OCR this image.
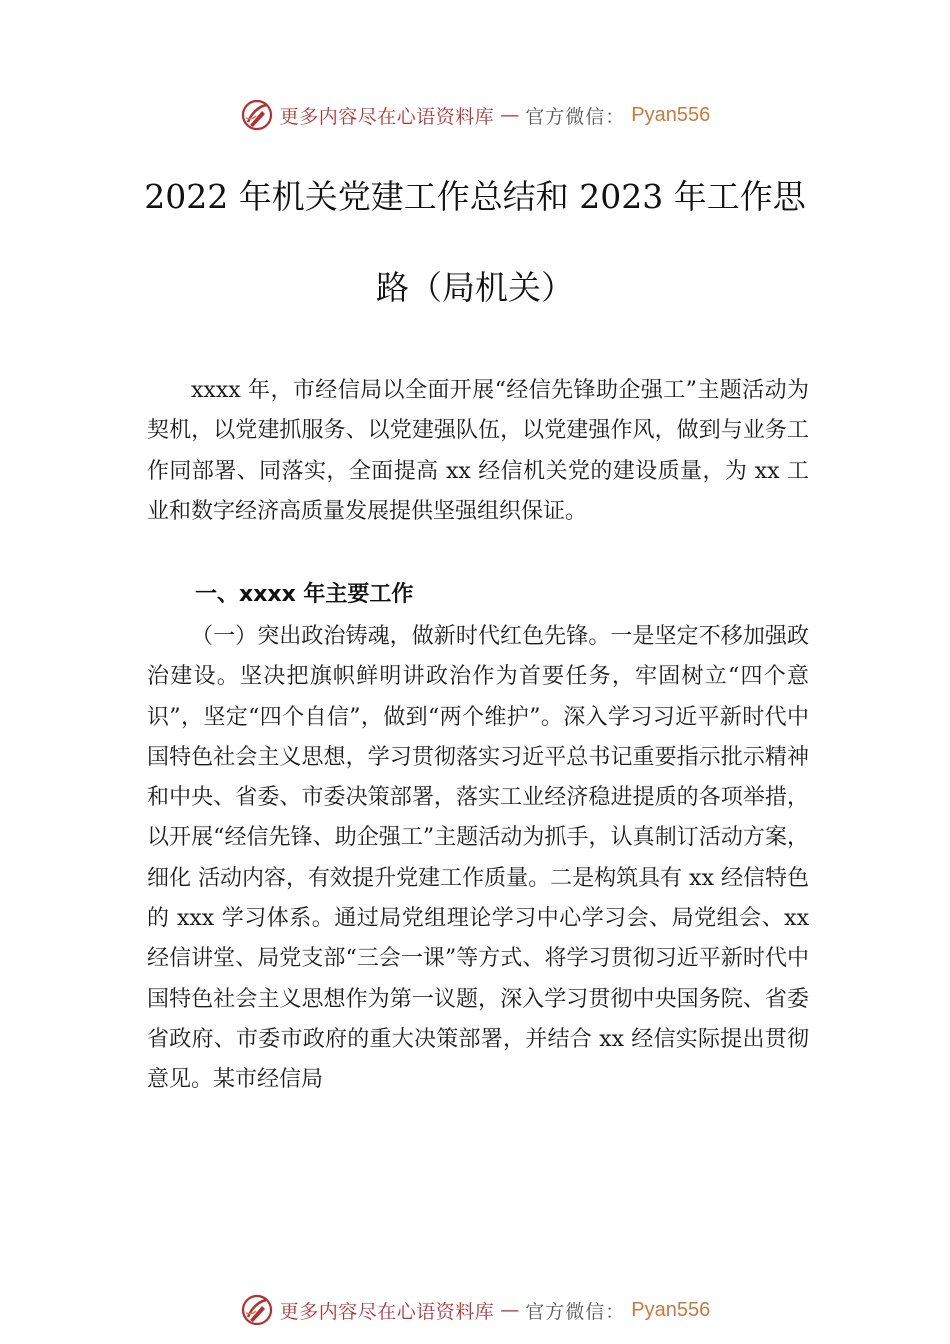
更多内容尽在心语资料库 — 官方微信： Pyan556
2022 年机关党建工作总结和 2023 年工作思
路（局机关）

xxxx 年，市经信局以全面开展“经信先锋助企强工”主题活动为契机，以党建抓服务、以党建强队伍，以党建强作风，做到与业务工作同部署、同落实，全面提高 xx 经信机关党的建设质量，为 xx 工业和数字经济高质量发展提供坚强组织保证。

一、xxxx 年主要工作

（一）突出政治铸魂，做新时代红色先锋。一是坚定不移加强政治建设。坚决把旗帜鲜明讲政治作为首要任务，牢固树立“四个意识”，坚定“四个自信”，做到“两个维护”。深入学习习近平新时代中国特色社会主义思想，学习贯彻落实习近平总书记重要指示批示精神和中央、省委、市委决策部署，落实工业经济稳进提质的各项举措，以开展“经信先锋、助企强工”主题活动为抓手，认真制订活动方案，细化 活动内容，有效提升党建工作质量。二是构筑具有 xx 经信特色的 xxx 学习体系。通过局党组理论学习中心学习会、局党组会、xx 经信讲堂、局党支部“三会一课”等方式、将学习贯彻习近平新时代中国特色社会主义思想作为第一议题，深入学习贯彻中央国务院、省委省政府、市委市政府的重大决策部署，并结合 xx 经信实际提出贯彻意见。某市经信局

更多内容尽在心语资料库 — 官方微信： Pyan556
